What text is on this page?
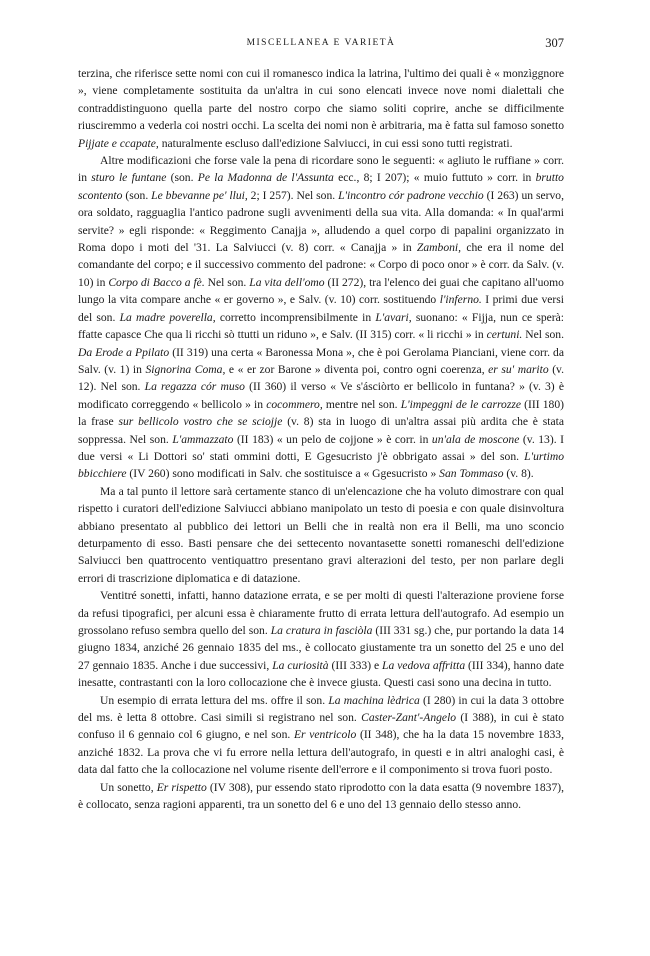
MISCELLANEA E VARIETÀ	307

terzina, che riferisce sette nomi con cui il romanesco indica la latrina, l'ultimo dei quali è « monzìggnore », viene completamente sostituita da un'altra in cui sono elencati invece nove nomi dialettali che contraddistinguono quella parte del nostro corpo che siamo soliti coprire, anche se difficilmente riusciremmo a vederla coi nostri occhi. La scelta dei nomi non è arbitraria, ma è fatta sul famoso sonetto Pijjate e ccapate, naturalmente escluso dall'edizione Salviucci, in cui essi sono tutti registrati.

Altre modificazioni che forse vale la pena di ricordare sono le seguenti: « agliuto le ruffiane » corr. in sturo le funtane (son. Pe la Madonna de l'Assunta ecc., 8; I 207); « muio futtuto » corr. in brutto scontento (son. Le bbevanne pe' llui, 2; I 257). Nel son. L'incontro cór padrone vecchio (I 263) un servo, ora soldato, ragguaglia l'antico padrone sugli avvenimenti della sua vita. Alla domanda: « In qual'armi servite? » egli risponde: « Reggimento Canajja », alludendo a quel corpo di papalini organizzato in Roma dopo i moti del '31. La Salviucci (v. 8) corr. « Canajja » in Zamboni, che era il nome del comandante del corpo; e il successivo commento del padrone: « Corpo di poco onor » è corr. da Salv. (v. 10) in Corpo di Bacco a fè. Nel son. La vita dell'omo (II 272), tra l'elenco dei guai che capitano all'uomo lungo la vita compare anche « er governo », e Salv. (v. 10) corr. sostituendo l'inferno. I primi due versi del son. La madre poverella, corretto incomprensibilmente in L'avari, suonano: « Fijja, nun ce sperà: ffatte capasce Che qua li ricchi sò ttutti un riduno », e Salv. (II 315) corr. « li ricchi » in certuni. Nel son. Da Erode a Ppilato (II 319) una certa « Baronessa Mona », che è poi Gerolama Pianciani, viene corr. da Salv. (v. 1) in Signorina Coma, e « er zor Barone » diventa poi, contro ogni coerenza, er su' marito (v. 12). Nel son. La regazza cór muso (II 360) il verso « Ve s'ásciòrto er bellicolo in funtana? » (v. 3) è modificato correggendo « bellicolo » in cocommero, mentre nel son. L'impeggni de le carrozze (III 180) la frase sur bellicolo vostro che se sciojje (v. 8) sta in luogo di un'altra assai più ardita che è stata soppressa. Nel son. L'ammazzato (II 183) « un pelo de cojjone » è corr. in un'ala de moscone (v. 13). I due versi « Li Dottori so' stati ommini dotti, E Ggesucristo j'è obbrigato assai » del son. L'urtimo bbicchiere (IV 260) sono modificati in Salv. che sostituisce a « Ggesucristo » San Tommaso (v. 8).

Ma a tal punto il lettore sarà certamente stanco di un'elencazione che ha voluto dimostrare con qual rispetto i curatori dell'edizione Salviucci abbiano manipolato un testo di poesia e con quale disinvoltura abbiano presentato al pubblico dei lettori un Belli che in realtà non era il Belli, ma uno sconcio deturpamento di esso. Basti pensare che dei settecento novantasette sonetti romaneschi dell'edizione Salviucci ben quattrocento ventiquattro presentano gravi alterazioni del testo, per non parlare degli errori di trascrizione diplomatica e di datazione.

Ventitré sonetti, infatti, hanno datazione errata, e se per molti di questi l'alterazione proviene forse da refusi tipografici, per alcuni essa è chiaramente frutto di errata lettura dell'autografo. Ad esempio un grossolano refuso sembra quello del son. La cratura in fasciòla (III 331 sg.) che, pur portando la data 14 giugno 1834, anziché 26 gennaio 1835 del ms., è collocato giustamente tra un sonetto del 25 e uno del 27 gennaio 1835. Anche i due successivi, La curiosità (III 333) e La vedova affritta (III 334), hanno date inesatte, contrastanti con la loro collocazione che è invece giusta. Questi casi sono una decina in tutto.

Un esempio di errata lettura del ms. offre il son. La machina lèdrica (I 280) in cui la data 3 ottobre del ms. è letta 8 ottobre. Casi simili si registrano nel son. Caster-Zant'-Angelo (I 388), in cui è stato confuso il 6 gennaio col 6 giugno, e nel son. Er ventricolo (II 348), che ha la data 15 novembre 1833, anziché 1832. La prova che vi fu errore nella lettura dell'autografo, in questi e in altri analoghi casi, è data dal fatto che la collocazione nel volume risente dell'errore e il componimento si trova fuori posto.

Un sonetto, Er rispetto (IV 308), pur essendo stato riprodotto con la data esatta (9 novembre 1837), è collocato, senza ragioni apparenti, tra un sonetto del 6 e uno del 13 gennaio dello stesso anno.
